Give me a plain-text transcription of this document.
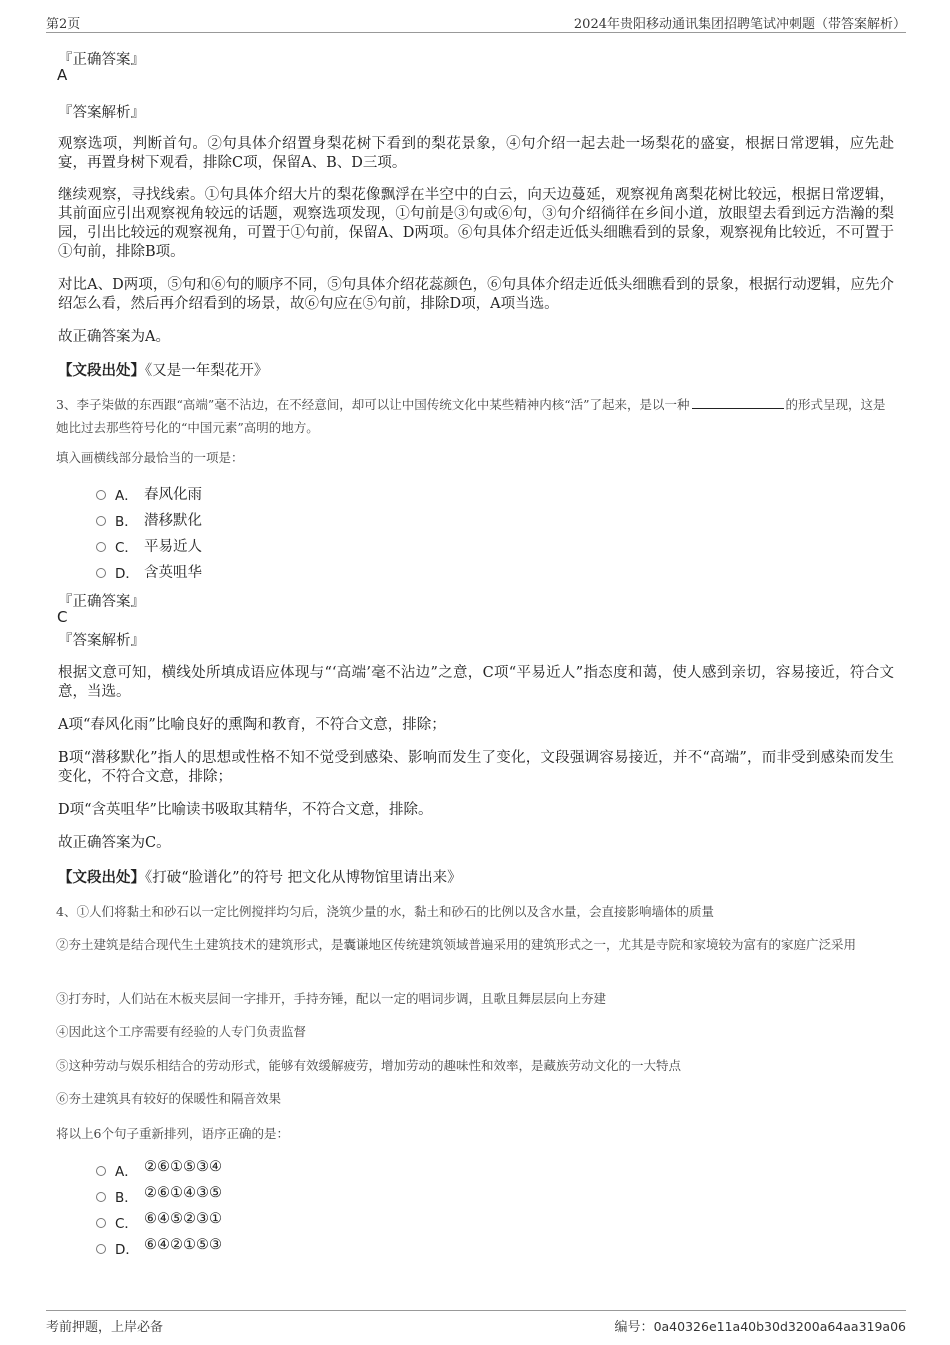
第2页	2024年贵阳移动通讯集团招聘笔试冲刺题（带答案解析）
『正确答案』
A
『答案解析』
观察选项，判断首句。②句具体介绍置身梨花树下看到的梨花景象，④句介绍一起去赴一场梨花的盛宴，根据日常逻辑，应先赴宴，再置身树下观看，排除C项，保留A、B、D三项。
继续观察，寻找线索。①句具体介绍大片的梨花像飘浮在半空中的白云，向天边蔓延，观察视角离梨花树比较远，根据日常逻辑，其前面应引出观察视角较远的话题，观察选项发现，①句前是③句或⑥句，③句介绍徜徉在乡间小道，放眼望去看到远方浩瀚的梨园，引出比较远的观察视角，可置于①句前，保留A、D两项。⑥句具体介绍走近低头细瞧看到的景象，观察视角比较近，不可置于①句前，排除B项。
对比A、D两项，⑤句和⑥句的顺序不同，⑤句具体介绍花蕊颜色，⑥句具体介绍走近低头细瞧看到的景象，根据行动逻辑，应先介绍怎么看，然后再介绍看到的场景，故⑥句应在⑤句前，排除D项，A项当选。
故正确答案为A。
【文段出处】《又是一年梨花开》
3、李子柒做的东西跟“高端”毫不沾边，在不经意间，却可以让中国传统文化中某些精神内核“活”了起来，是以一种	的形式呈现，这是她比过去那些符号化的“中国元素”高明的地方。
填入画横线部分最恰当的一项是：
A． 春风化雨
B． 潜移默化
C． 平易近人
D． 含英咀华
『正确答案』
C
『答案解析』
根据文意可知，横线处所填成语应体现与“‘高端’毫不沾边”之意，C项“平易近人”指态度和蔼，使人感到亲切，容易接近，符合文意，当选。
A项“春风化雨”比喻良好的熏陶和教育，不符合文意，排除；
B项“潜移默化”指人的思想或性格不知不觉受到感染、影响而发生了变化，文段强调容易接近，并不“高端”，而非受到感染而发生变化，不符合文意，排除；
D项“含英咀华”比喻读书吸取其精华，不符合文意，排除。
故正确答案为C。
【文段出处】《打破“脸谱化”的符号 把文化从博物馆里请出来》
4、①人们将黏土和砂石以一定比例搅拌均匀后，浇筑少量的水，黏土和砂石的比例以及含水量，会直接影响墙体的质量
②夯土建筑是结合现代生土建筑技术的建筑形式，是囊谦地区传统建筑领域普遍采用的建筑形式之一，尤其是寺院和家境较为富有的家庭广泛采用
③打夯时，人们站在木板夹层间一字排开，手持夯锤，配以一定的唱词步调，且歌且舞层层向上夯建
④因此这个工序需要有经验的人专门负责监督
⑤这种劳动与娱乐相结合的劳动形式，能够有效缓解疲劳，增加劳动的趣味性和效率，是藏族劳动文化的一大特点
⑥夯土建筑具有较好的保暖性和隔音效果
将以上6个句子重新排列，语序正确的是：
A． ②⑥①⑤③④
B． ②⑥①④③⑤
C． ⑥④⑤②③①
D． ⑥④②①⑤③
考前押题，上岸必备	编号：0a40326e11a40b30d3200a64aa319a06
